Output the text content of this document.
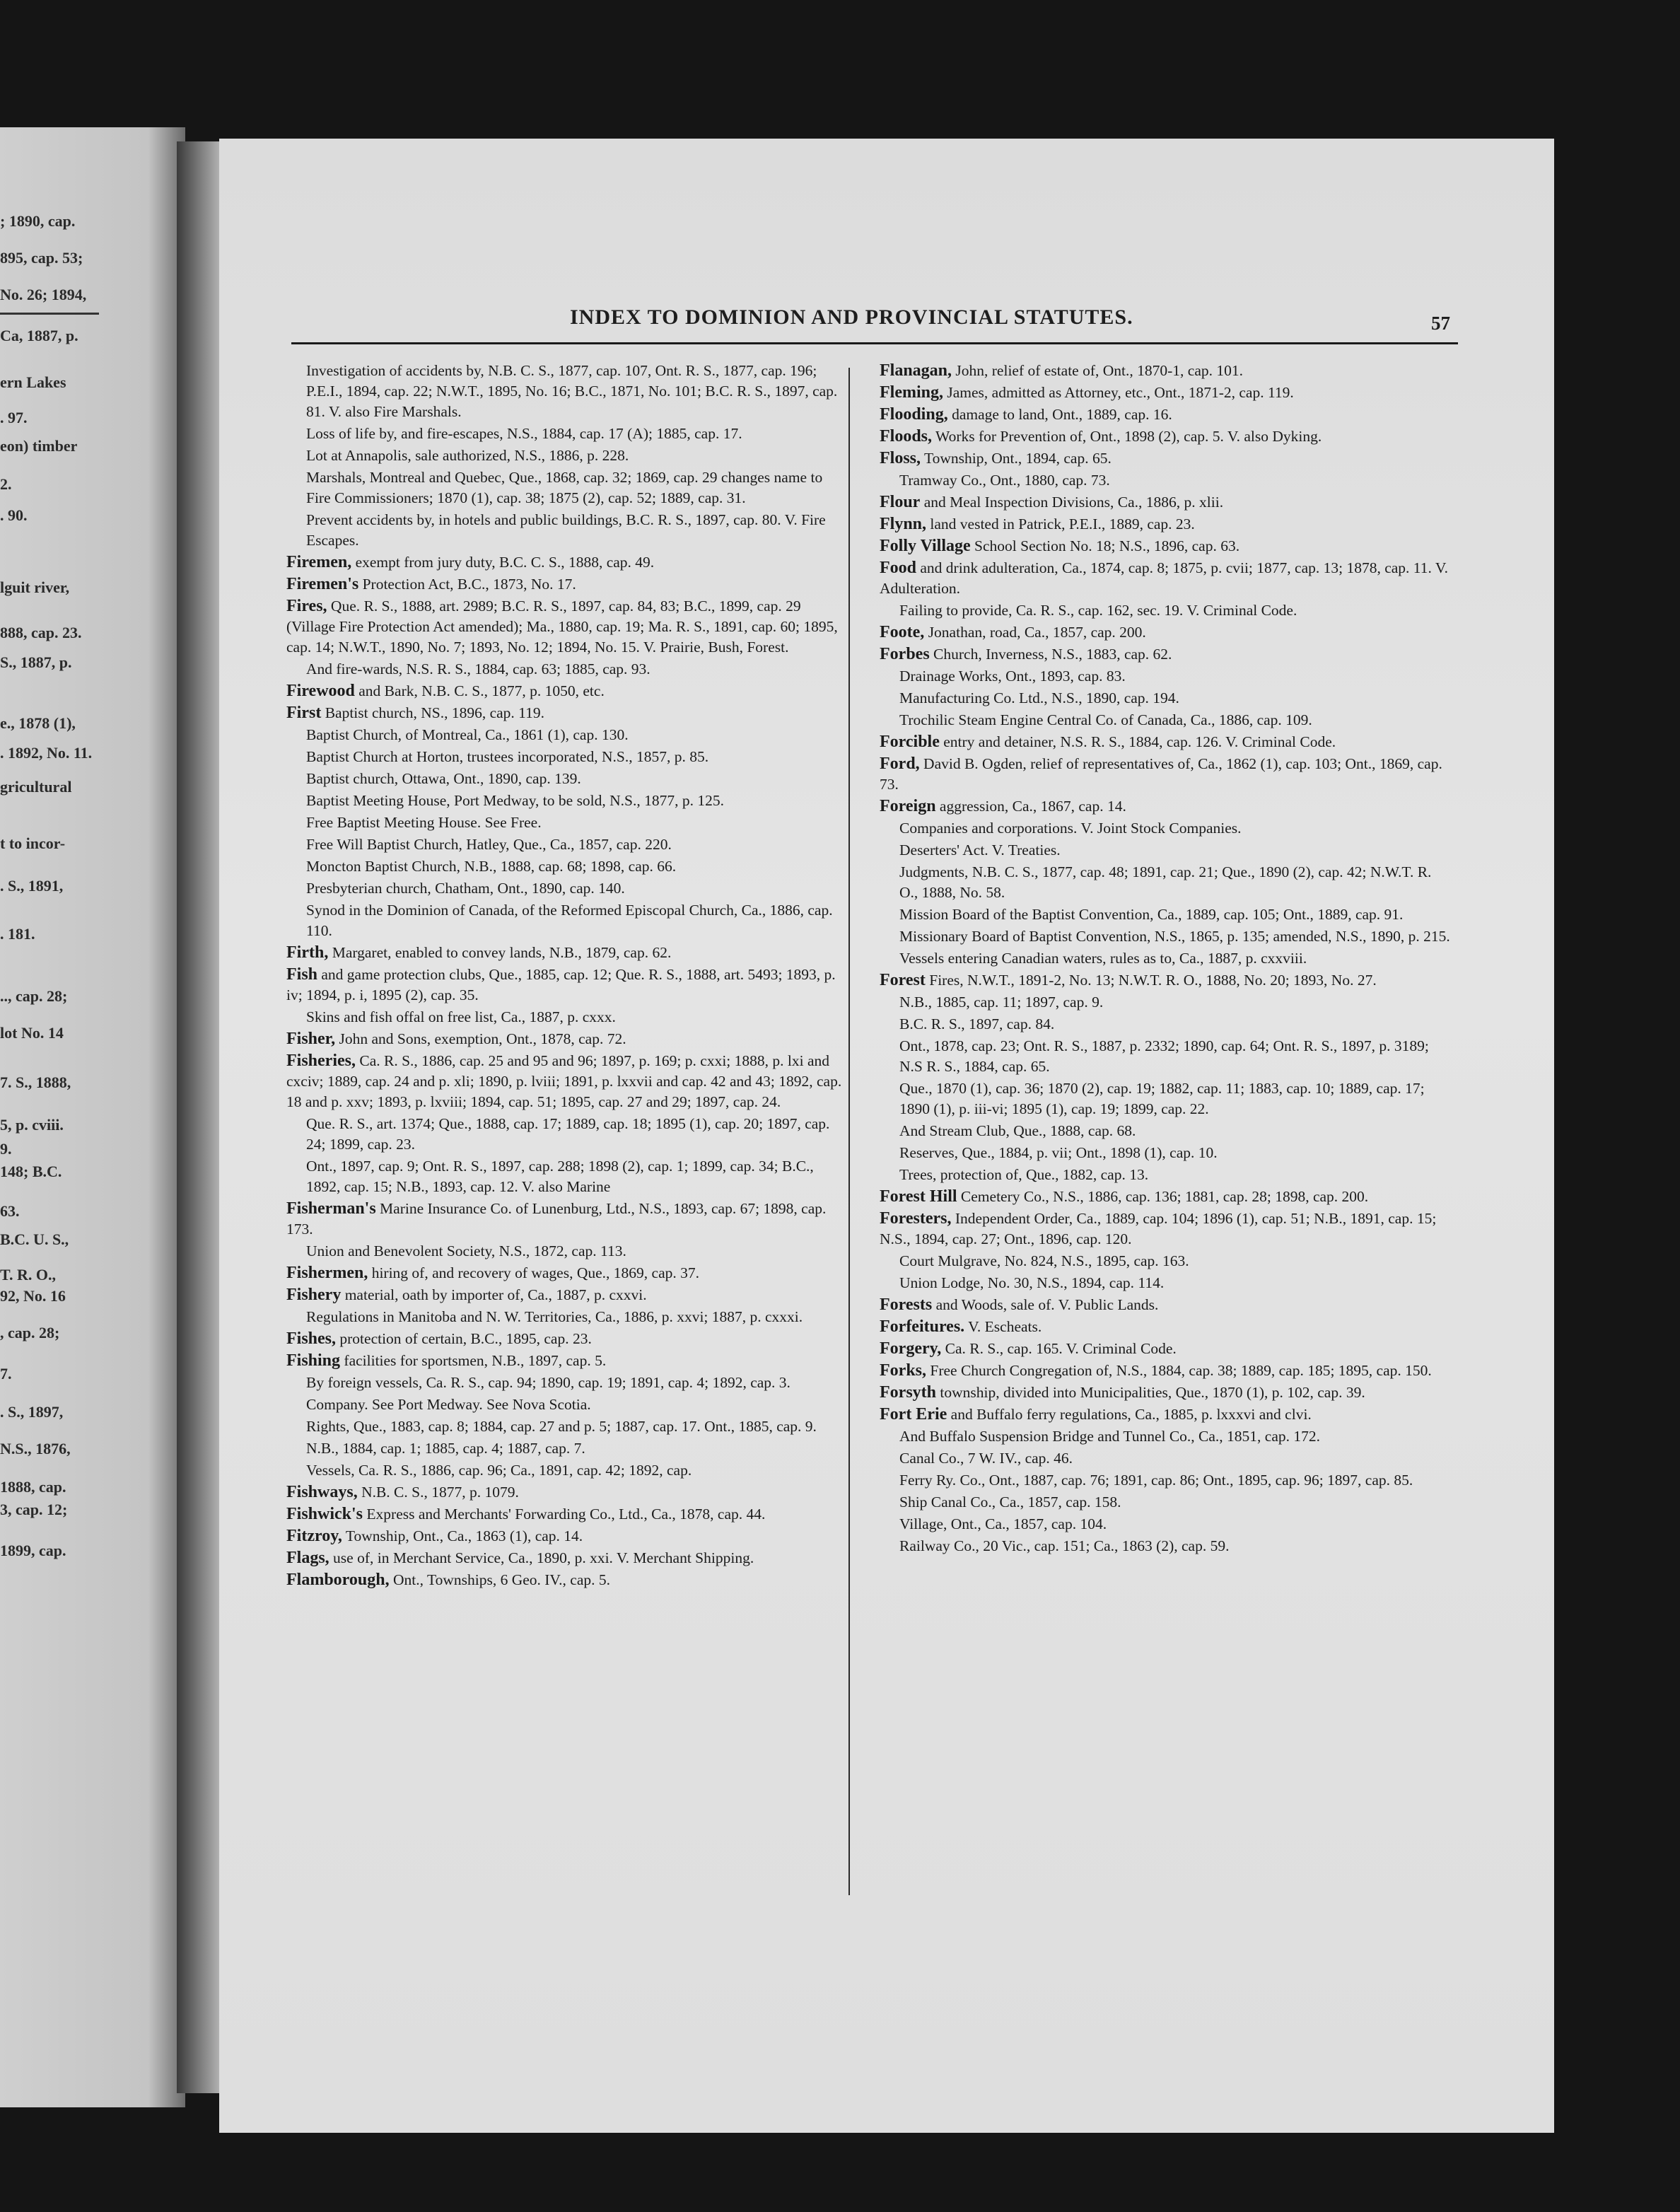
; 1890, cap.
895, cap. 53;
No. 26; 1894,
Ca, 1887, p.
ern Lakes
. 97.
eon) timber
2.
. 90.
lguit river,
888, cap. 23.
S., 1887, p.
e., 1878 (1),
. 1892, No. 11.
gricultural
t to incor-
. S., 1891,
. 181.
.., cap. 28;
lot No. 14
7. S., 1888,
5, p. cviii.
9.
148; B.C.
63.
B.C. U. S.,
T. R. O.,
92, No. 16
, cap. 28;
7.
. S., 1897,
N.S., 1876,
1888, cap.
3, cap. 12;
1899, cap.
INDEX TO DOMINION AND PROVINCIAL STATUTES.	57
Investigation of accidents by, N.B. C. S., 1877, cap. 107, Ont. R. S., 1877, cap. 196; P.E.I., 1894, cap. 22; N.W.T., 1895, No. 16; B.C., 1871, No. 101; B.C. R. S., 1897, cap. 81. V. also Fire Marshals.
Loss of life by, and fire-escapes, N.S., 1884, cap. 17 (A); 1885, cap. 17.
Lot at Annapolis, sale authorized, N.S., 1886, p. 228.
Marshals, Montreal and Quebec, Que., 1868, cap. 32; 1869, cap. 29 changes name to Fire Commissioners; 1870 (1), cap. 38; 1875 (2), cap. 52; 1889, cap. 31.
Prevent accidents by, in hotels and public buildings, B.C. R. S., 1897, cap. 80. V. Fire Escapes.
Firemen, exempt from jury duty, B.C. C. S., 1888, cap. 49.
Firemen's Protection Act, B.C., 1873, No. 17.
Fires, Que. R. S., 1888, art. 2989; B.C. R. S., 1897, cap. 84, 83; B.C., 1899, cap. 29 (Village Fire Protection Act amended); Ma., 1880, cap. 19; Ma. R. S., 1891, cap. 60; 1895, cap. 14; N.W.T., 1890, No. 7; 1893, No. 12; 1894, No. 15. V. Prairie, Bush, Forest.
And fire-wards, N.S. R. S., 1884, cap. 63; 1885, cap. 93.
Firewood and Bark, N.B. C. S., 1877, p. 1050, etc.
First Baptist church, NS., 1896, cap. 119.
Baptist Church, of Montreal, Ca., 1861 (1), cap. 130.
Baptist Church at Horton, trustees incorporated, N.S., 1857, p. 85.
Baptist church, Ottawa, Ont., 1890, cap. 139.
Baptist Meeting House, Port Medway, to be sold, N.S., 1877, p. 125.
Free Baptist Meeting House. See Free.
Free Will Baptist Church, Hatley, Que., Ca., 1857, cap. 220.
Moncton Baptist Church, N.B., 1888, cap. 68; 1898, cap. 66.
Presbyterian church, Chatham, Ont., 1890, cap. 140.
Synod in the Dominion of Canada, of the Reformed Episcopal Church, Ca., 1886, cap. 110.
Firth, Margaret, enabled to convey lands, N.B., 1879, cap. 62.
Fish and game protection clubs, Que., 1885, cap. 12; Que. R. S., 1888, art. 5493; 1893, p. iv; 1894, p. i, 1895 (2), cap. 35.
Skins and fish offal on free list, Ca., 1887, p. cxxx.
Fisher, John and Sons, exemption, Ont., 1878, cap. 72.
Fisheries, Ca. R. S., 1886, cap. 25 and 95 and 96; 1897, p. 169; p. cxxi; 1888, p. lxi and cxciv; 1889, cap. 24 and p. xli; 1890, p. lviii; 1891, p. lxxvii and cap. 42 and 43; 1892, cap. 18 and p. xxv; 1893, p. lxviii; 1894, cap. 51; 1895, cap. 27 and 29; 1897, cap. 24.
Que. R. S., art. 1374; Que., 1888, cap. 17; 1889, cap. 18; 1895 (1), cap. 20; 1897, cap. 24; 1899, cap. 23.
Ont., 1897, cap. 9; Ont. R. S., 1897, cap. 288; 1898 (2), cap. 1; 1899, cap. 34; B.C., 1892, cap. 15; N.B., 1893, cap. 12. V. also Marine
Fisherman's Marine Insurance Co. of Lunenburg, Ltd., N.S., 1893, cap. 67; 1898, cap. 173.
Union and Benevolent Society, N.S., 1872, cap. 113.
Fishermen, hiring of, and recovery of wages, Que., 1869, cap. 37.
Fishery material, oath by importer of, Ca., 1887, p. cxxvi.
Regulations in Manitoba and N. W. Territories, Ca., 1886, p. xxvi; 1887, p. cxxxi.
Fishes, protection of certain, B.C., 1895, cap. 23.
Fishing facilities for sportsmen, N.B., 1897, cap. 5.
By foreign vessels, Ca. R. S., cap. 94; 1890, cap. 19; 1891, cap. 4; 1892, cap. 3.
Company. See Port Medway. See Nova Scotia.
Rights, Que., 1883, cap. 8; 1884, cap. 27 and p. 5; 1887, cap. 17. Ont., 1885, cap. 9.
N.B., 1884, cap. 1; 1885, cap. 4; 1887, cap. 7.
Vessels, Ca. R. S., 1886, cap. 96; Ca., 1891, cap. 42; 1892, cap.
Fishways, N.B. C. S., 1877, p. 1079.
Fishwick's Express and Merchants' Forwarding Co., Ltd., Ca., 1878, cap. 44.
Fitzroy, Township, Ont., Ca., 1863 (1), cap. 14.
Flags, use of, in Merchant Service, Ca., 1890, p. xxi. V. Merchant Shipping.
Flamborough, Ont., Townships, 6 Geo. IV., cap. 5.
Flanagan, John, relief of estate of, Ont., 1870-1, cap. 101.
Fleming, James, admitted as Attorney, etc., Ont., 1871-2, cap. 119.
Flooding, damage to land, Ont., 1889, cap. 16.
Floods, Works for Prevention of, Ont., 1898 (2), cap. 5. V. also Dyking.
Floss, Township, Ont., 1894, cap. 65.
Tramway Co., Ont., 1880, cap. 73.
Flour and Meal Inspection Divisions, Ca., 1886, p. xlii.
Flynn, land vested in Patrick, P.E.I., 1889, cap. 23.
Folly Village School Section No. 18; N.S., 1896, cap. 63.
Food and drink adulteration, Ca., 1874, cap. 8; 1875, p. cvii; 1877, cap. 13; 1878, cap. 11. V. Adulteration.
Failing to provide, Ca. R. S., cap. 162, sec. 19. V. Criminal Code.
Foote, Jonathan, road, Ca., 1857, cap. 200.
Forbes Church, Inverness, N.S., 1883, cap. 62.
Drainage Works, Ont., 1893, cap. 83.
Manufacturing Co. Ltd., N.S., 1890, cap. 194.
Trochilic Steam Engine Central Co. of Canada, Ca., 1886, cap. 109.
Forcible entry and detainer, N.S. R. S., 1884, cap. 126. V. Criminal Code.
Ford, David B. Ogden, relief of representatives of, Ca., 1862 (1), cap. 103; Ont., 1869, cap. 73.
Foreign aggression, Ca., 1867, cap. 14.
Companies and corporations. V. Joint Stock Companies.
Deserters' Act. V. Treaties.
Judgments, N.B. C. S., 1877, cap. 48; 1891, cap. 21; Que., 1890 (2), cap. 42; N.W.T. R. O., 1888, No. 58.
Mission Board of the Baptist Convention, Ca., 1889, cap. 105; Ont., 1889, cap. 91.
Missionary Board of Baptist Convention, N.S., 1865, p. 135; amended, N.S., 1890, p. 215.
Vessels entering Canadian waters, rules as to, Ca., 1887, p. cxxviii.
Forest Fires, N.W.T., 1891-2, No. 13; N.W.T. R. O., 1888, No. 20; 1893, No. 27.
N.B., 1885, cap. 11; 1897, cap. 9.
B.C. R. S., 1897, cap. 84.
Ont., 1878, cap. 23; Ont. R. S., 1887, p. 2332; 1890, cap. 64; Ont. R. S., 1897, p. 3189; N.S R. S., 1884, cap. 65.
Que., 1870 (1), cap. 36; 1870 (2), cap. 19; 1882, cap. 11; 1883, cap. 10; 1889, cap. 17; 1890 (1), p. iii-vi; 1895 (1), cap. 19; 1899, cap. 22.
And Stream Club, Que., 1888, cap. 68.
Reserves, Que., 1884, p. vii; Ont., 1898 (1), cap. 10.
Trees, protection of, Que., 1882, cap. 13.
Forest Hill Cemetery Co., N.S., 1886, cap. 136; 1881, cap. 28; 1898, cap. 200.
Foresters, Independent Order, Ca., 1889, cap. 104; 1896 (1), cap. 51; N.B., 1891, cap. 15; N.S., 1894, cap. 27; Ont., 1896, cap. 120.
Court Mulgrave, No. 824, N.S., 1895, cap. 163.
Union Lodge, No. 30, N.S., 1894, cap. 114.
Forests and Woods, sale of. V. Public Lands.
Forfeitures. V. Escheats.
Forgery, Ca. R. S., cap. 165. V. Criminal Code.
Forks, Free Church Congregation of, N.S., 1884, cap. 38; 1889, cap. 185; 1895, cap. 150.
Forsyth township, divided into Municipalities, Que., 1870 (1), p. 102, cap. 39.
Fort Erie and Buffalo ferry regulations, Ca., 1885, p. lxxxvi and clvi.
And Buffalo Suspension Bridge and Tunnel Co., Ca., 1851, cap. 172.
Canal Co., 7 W. IV., cap. 46.
Ferry Ry. Co., Ont., 1887, cap. 76; 1891, cap. 86; Ont., 1895, cap. 96; 1897, cap. 85.
Ship Canal Co., Ca., 1857, cap. 158.
Village, Ont., Ca., 1857, cap. 104.
Railway Co., 20 Vic., cap. 151; Ca., 1863 (2), cap. 59.
